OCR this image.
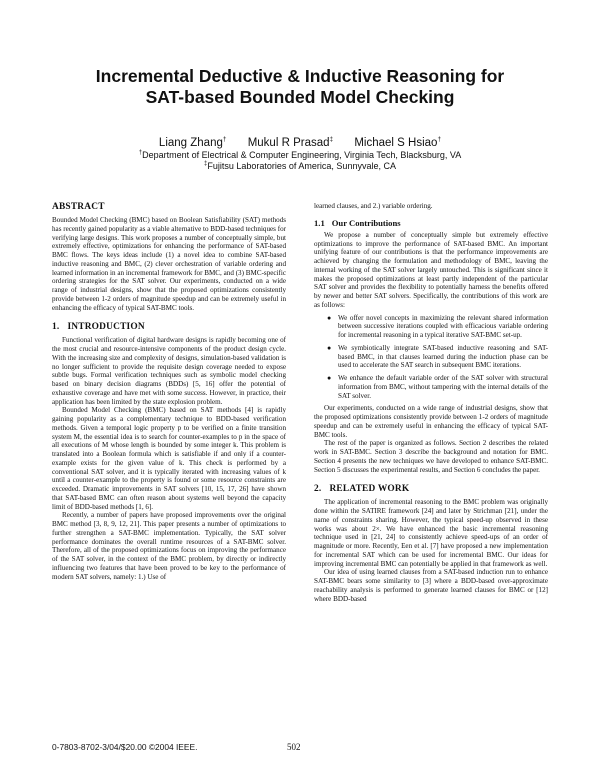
Incremental Deductive & Inductive Reasoning for
SAT-based Bounded Model Checking
Liang Zhang† Mukul R Prasad‡ Michael S Hsiao†
†Department of Electrical & Computer Engineering, Virginia Tech, Blacksburg, VA
‡Fujitsu Laboratories of America, Sunnyvale, CA
ABSTRACT

Bounded Model Checking (BMC) based on Boolean Satisfiability (SAT) methods has recently gained popularity as a viable alternative to BDD-based techniques for verifying large designs. This work proposes a number of conceptually simple, but extremely effective, optimizations for enhancing the performance of SAT-based BMC flows. The keys ideas include (1) a novel idea to combine SAT-based inductive reasoning and BMC, (2) clever orchestration of variable ordering and learned information in an incremental framework for BMC, and (3) BMC-specific ordering strategies for the SAT solver. Our experiments, conducted on a wide range of industrial designs, show that the proposed optimizations consistently provide between 1-2 orders of magnitude speedup and can be extremely useful in enhancing the efficacy of typical SAT-BMC tools.

1. INTRODUCTION

Functional verification of digital hardware designs is rapidly becoming one of the most crucial and resource-intensive components of the product design cycle. With the increasing size and complexity of designs, simulation-based validation is no longer sufficient to provide the requisite design coverage needed to expose subtle bugs. Formal verification techniques such as symbolic model checking based on binary decision diagrams (BDDs) [5, 16] offer the potential of exhaustive coverage and have met with some success. However, in practice, their application has been limited by the state explosion problem.

Bounded Model Checking (BMC) based on SAT methods [4] is rapidly gaining popularity as a complementary technique to BDD-based verification methods. Given a temporal logic property p to be verified on a finite transition system M, the essential idea is to search for counter-examples to p in the space of all executions of M whose length is bounded by some integer k. This problem is translated into a Boolean formula which is satisfiable if and only if a counter-example exists for the given value of k. This check is performed by a conventional SAT solver, and it is typically iterated with increasing values of k until a counter-example to the property is found or some resource constraints are exceeded. Dramatic improvements in SAT solvers [10, 15, 17, 26] have shown that SAT-based BMC can often reason about systems well beyond the capacity limit of BDD-based methods [1, 6].

Recently, a number of papers have proposed improvements over the original BMC method [3, 8, 9, 12, 21]. This paper presents a number of optimizations to further strengthen a SAT-BMC implementation. Typically, the SAT solver performance dominates the overall runtime resources of a SAT-BMC solver. Therefore, all of the proposed optimizations focus on improving the performance of the SAT solver, in the context of the BMC problem, by directly or indirectly influencing two features that have been proved to be key to the performance of modern SAT solvers, namely: 1.) Use of

learned clauses, and 2.) variable ordering.

1.1 Our Contributions

We propose a number of conceptually simple but extremely effective optimizations to improve the performance of SAT-based BMC. An important unifying feature of our contributions is that the performance improvements are achieved by changing the formulation and methodology of BMC, leaving the internal working of the SAT solver largely untouched. This is significant since it makes the proposed optimizations at least partly independent of the particular SAT solver and provides the flexibility to potentially harness the benefits offered by newer and better SAT solvers. Specifically, the contributions of this work are as follows:

● We offer novel concepts in maximizing the relevant shared information between successive iterations coupled with efficacious variable ordering for incremental reasoning in a typical iterative SAT-BMC set-up.
● We symbiotically integrate SAT-based inductive reasoning and SAT-based BMC, in that clauses learned during the induction phase can be used to accelerate the SAT search in subsequent BMC iterations.
● We enhance the default variable order of the SAT solver with structural information from BMC, without tampering with the internal details of the SAT solver.

Our experiments, conducted on a wide range of industrial designs, show that the proposed optimizations consistently provide between 1-2 orders of magnitude speedup and can be extremely useful in enhancing the efficacy of typical SAT-BMC tools.

The rest of the paper is organized as follows. Section 2 describes the related work in SAT-BMC. Section 3 describe the background and notation for BMC. Section 4 presents the new techniques we have developed to enhance SAT-BMC. Section 5 discusses the experimental results, and Section 6 concludes the paper.

2. RELATED WORK

The application of incremental reasoning to the BMC problem was originally done within the SATIRE framework [24] and later by Strichman [21], under the name of constraints sharing. However, the typical speed-up observed in these works was about 2×. We have enhanced the basic incremental reasoning technique used in [21, 24] to consistently achieve speed-ups of an order of magnitude or more. Recently, Een et al. [7] have proposed a new implementation for incremental SAT which can be used for incremental BMC. Our ideas for improving incremental BMC can potentially be applied in that framework as well.

Our idea of using learned clauses from a SAT-based induction run to enhance SAT-BMC bears some similarity to [3] where a BDD-based over-approximate reachability analysis is performed to generate learned clauses for BMC or [12] where BDD-based

0-7803-8702-3/04/$20.00 ©2004 IEEE.	502
